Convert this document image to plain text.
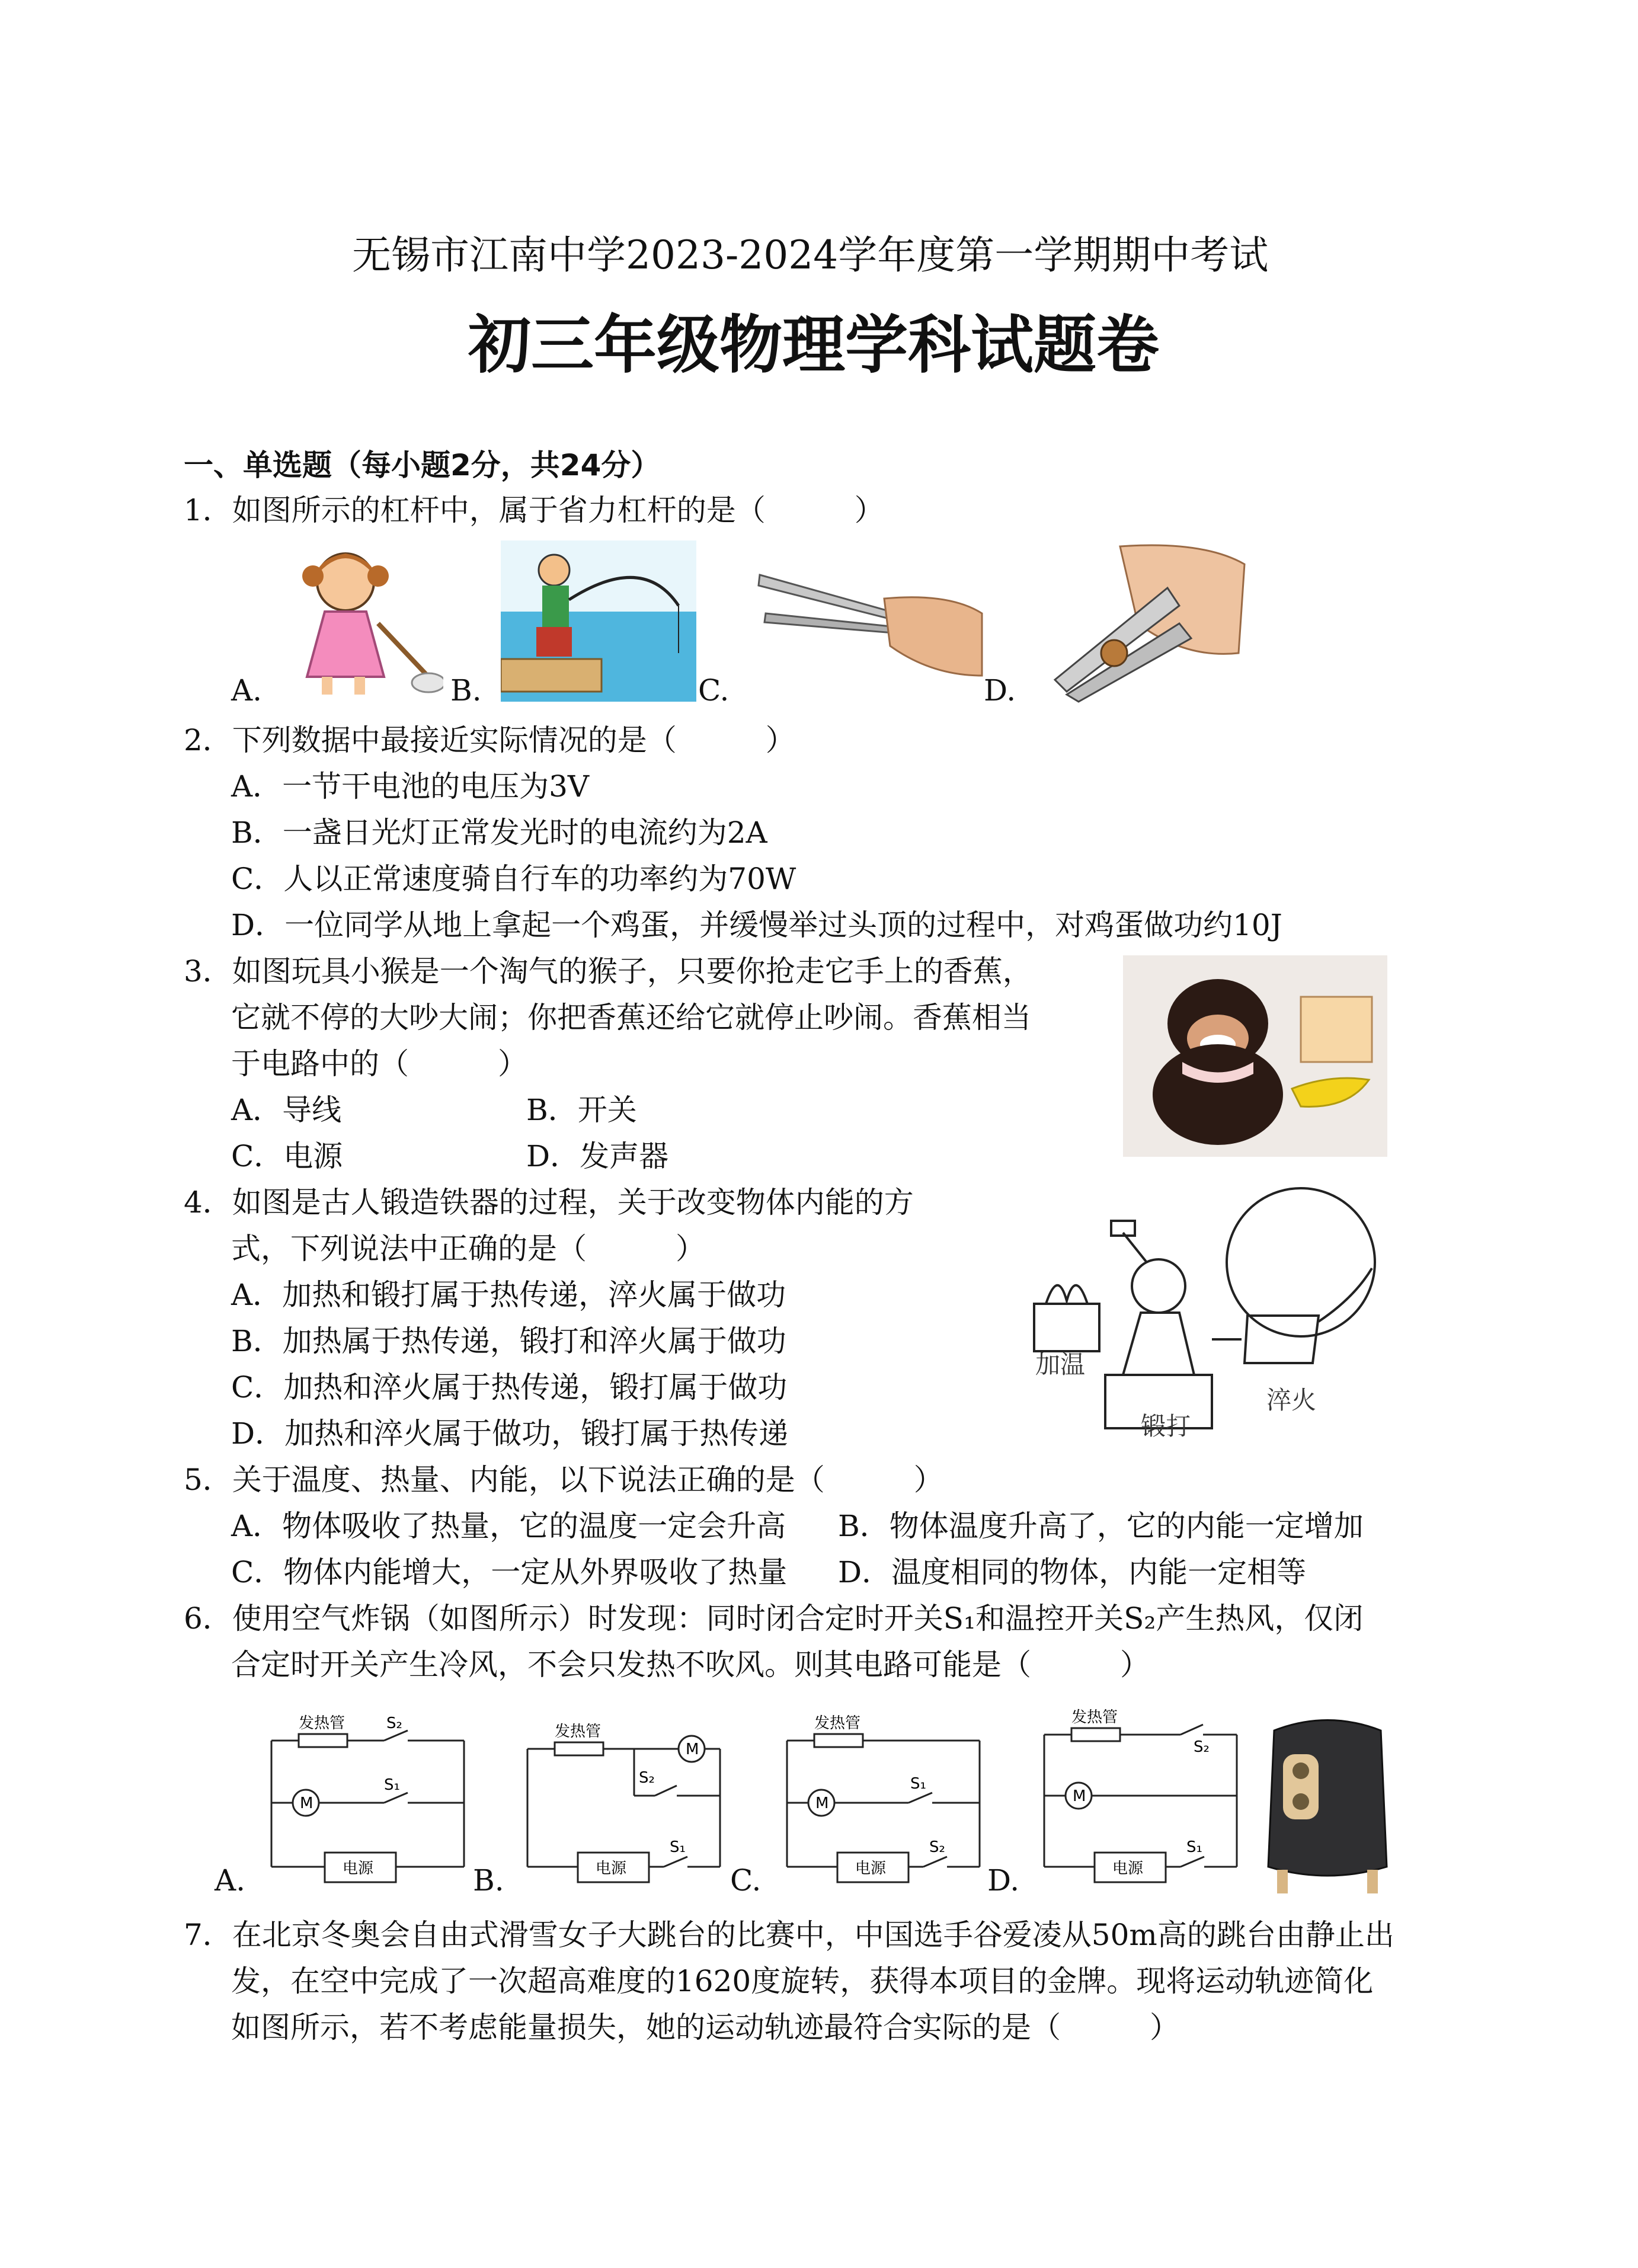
无锡市江南中学2023-2024学年度第一学期期中考试
初三年级物理学科试题卷
一、单选题（每小题2分，共24分）
1．如图所示的杠杆中，属于省力杠杆的是（　　　）
A.	B.	C.	D.
2．下列数据中最接近实际情况的是（　　　）
A．一节干电池的电压为3V
B．一盏日光灯正常发光时的电流约为2A
C．人以正常速度骑自行车的功率约为70W
D．一位同学从地上拿起一个鸡蛋，并缓慢举过头顶的过程中，对鸡蛋做功约10J
3．如图玩具小猴是一个淘气的猴子，只要你抢走它手上的香蕉，
它就不停的大吵大闹；你把香蕉还给它就停止吵闹。香蕉相当
于电路中的（　　　）
A．导线	B．开关
C．电源	D．发声器
4．如图是古人锻造铁器的过程，关于改变物体内能的方
式，下列说法中正确的是（　　　）
A．加热和锻打属于热传递，淬火属于做功
B．加热属于热传递，锻打和淬火属于做功
C．加热和淬火属于热传递，锻打属于做功
D．加热和淬火属于做功，锻打属于热传递
加温
锻打
淬火
5．关于温度、热量、内能，以下说法正确的是（　　　）
A．物体吸收了热量，它的温度一定会升高 B．物体温度升高了，它的内能一定增加
C．物体内能增大，一定从外界吸收了热量 D．温度相同的物体，内能一定相等
6．使用空气炸锅（如图所示）时发现：同时闭合定时开关S₁和温控开关S₂产生热风，仅闭
合定时开关产生冷风，不会只发热不吹风。则其电路可能是（　　　）
发热管	S₂
S₁
M
电源
A.
发热管
M
S₂
S₁
电源
B.
发热管
S₁
M
S₂
电源
C.
发热管
S₂
M
S₁
电源
D.
7．在北京冬奥会自由式滑雪女子大跳台的比赛中，中国选手谷爱凌从50m高的跳台由静止出
发，在空中完成了一次超高难度的1620度旋转，获得本项目的金牌。现将运动轨迹简化
如图所示，若不考虑能量损失，她的运动轨迹最符合实际的是（　　　）
